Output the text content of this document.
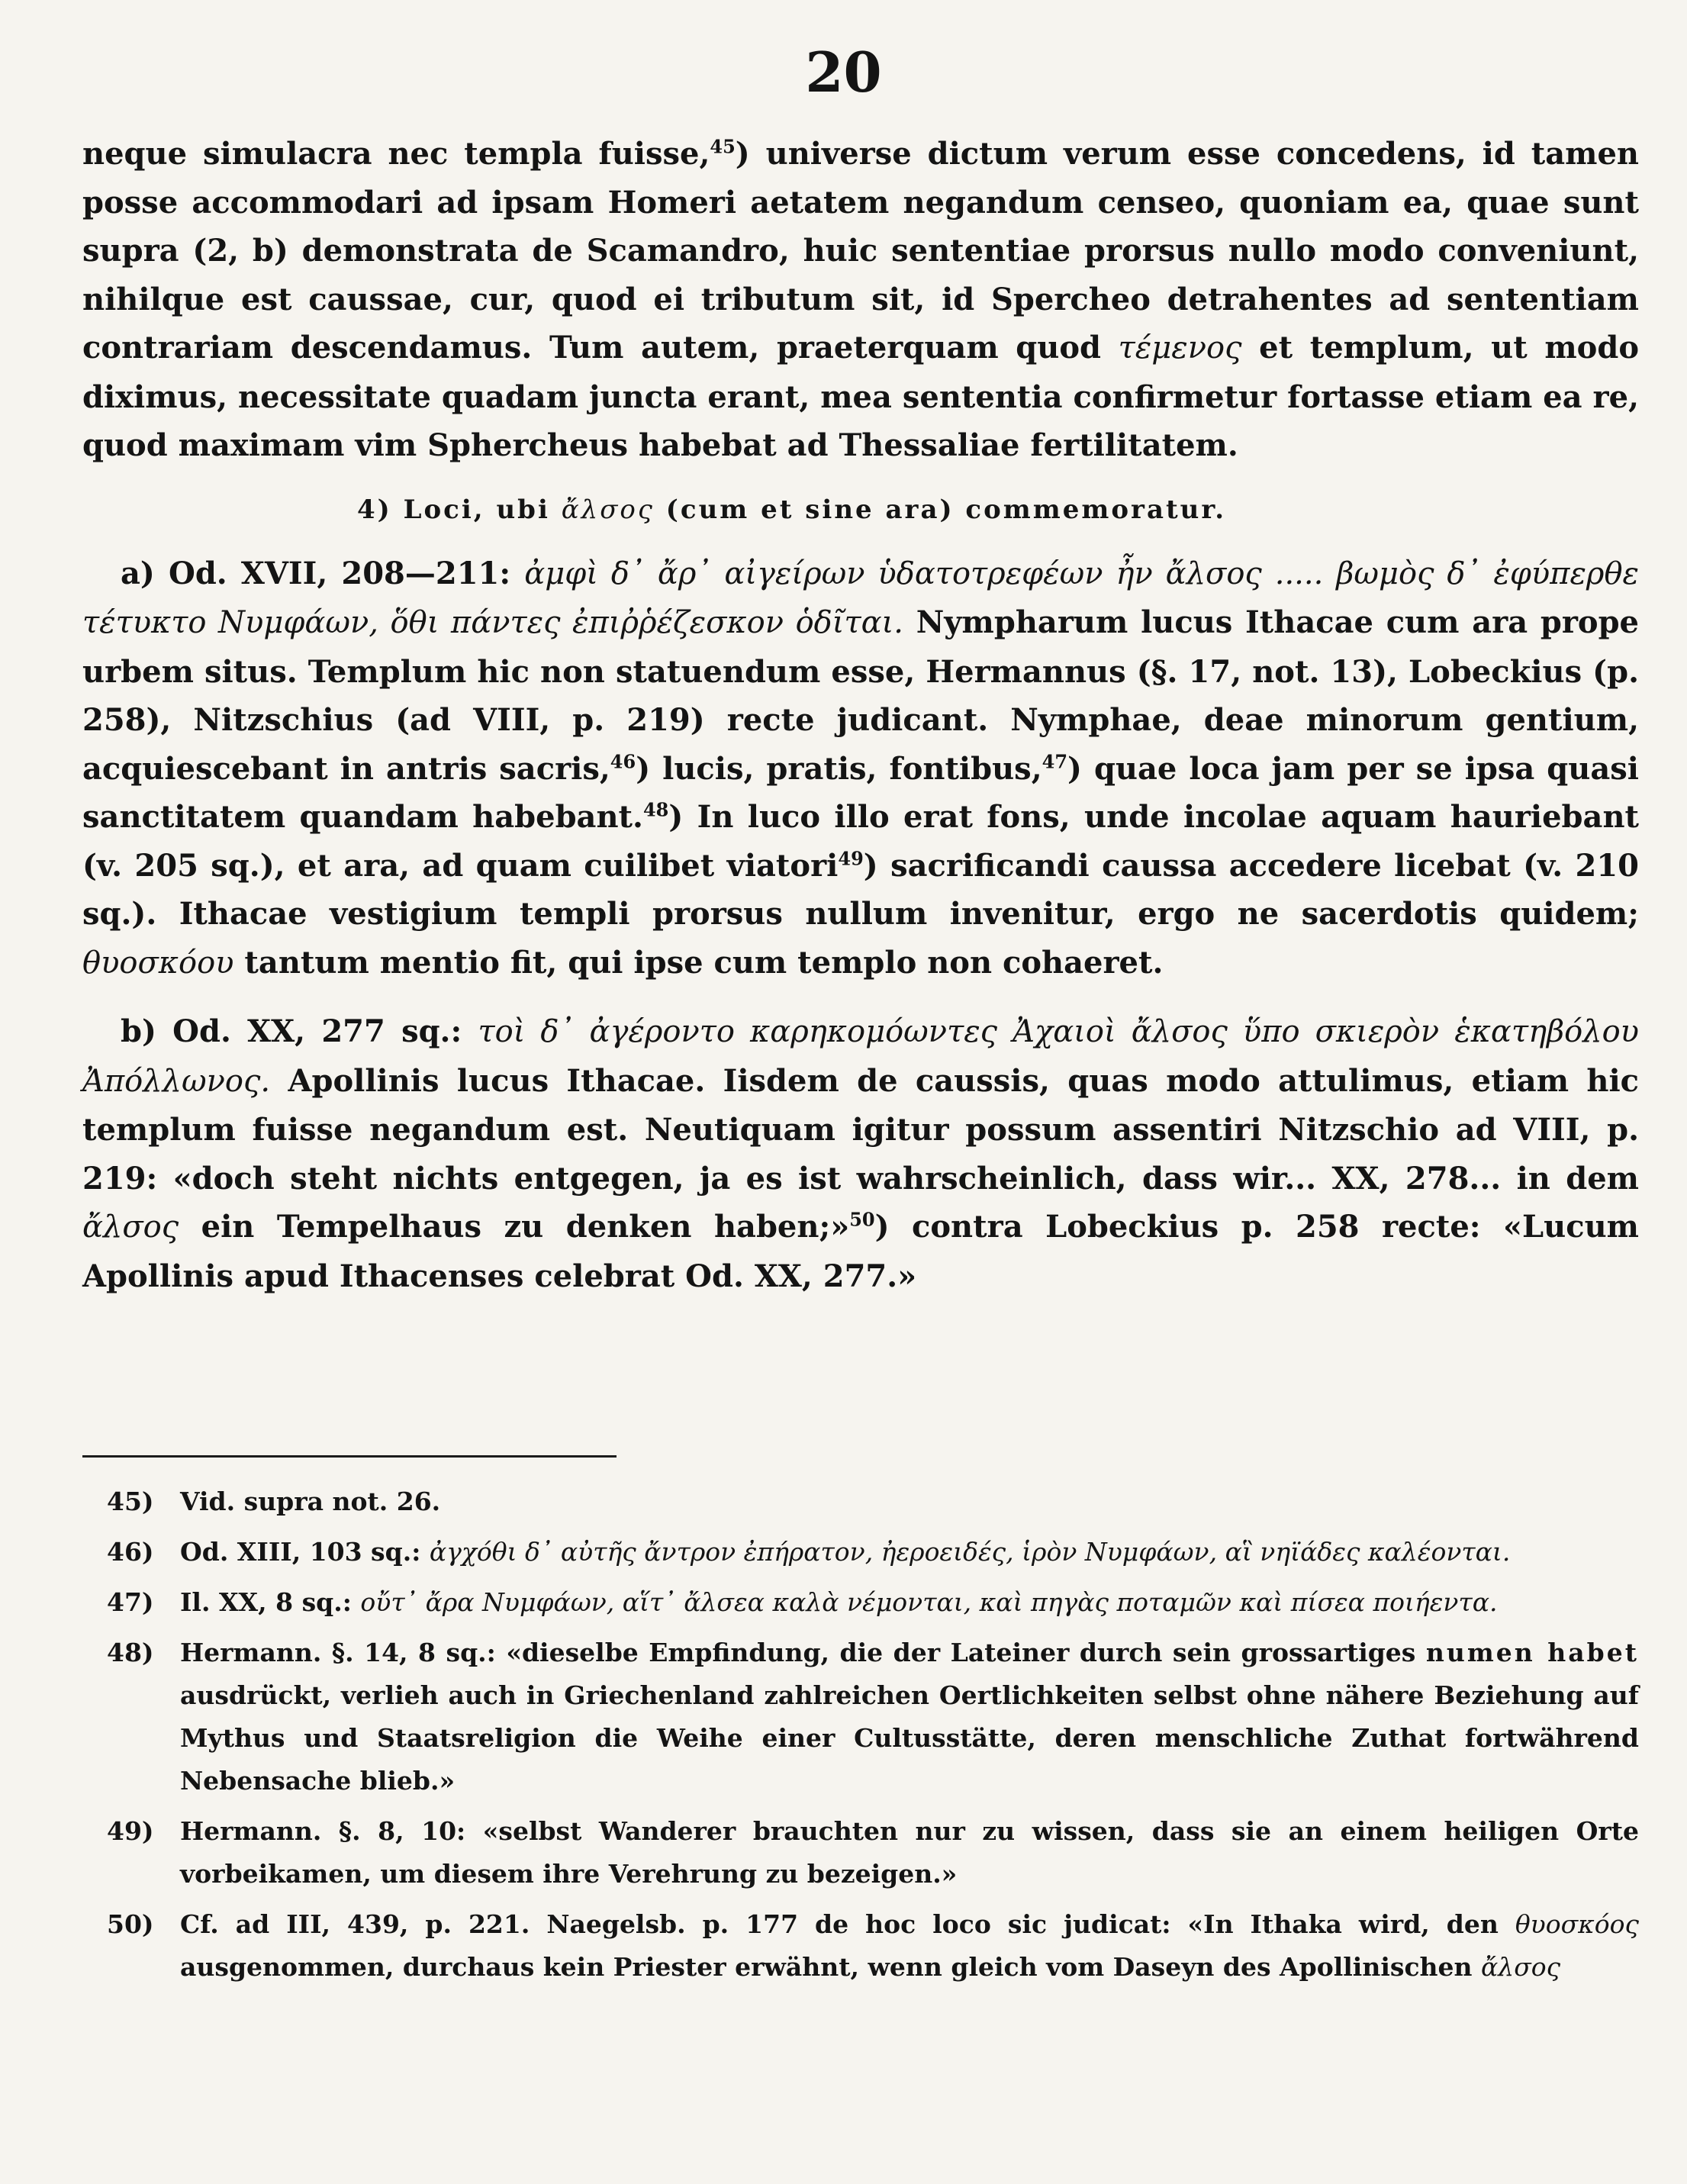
20

neque simulacra nec templa fuisse,$^{45}$) universe dictum verum esse concedens, id tamen posse accommodari ad ipsam Homeri aetatem negandum censeo, quoniam ea, quae sunt supra (2, b) demonstrata de Scamandro, huic sententiae prorsus nullo modo conveniunt, nihilque est caussae, cur, quod ei tributum sit, id Spercheo detrahentes ad sententiam contrariam descendamus. Tum autem, praeterquam quod τέμενος et templum, ut modo diximus, necessitate quadam juncta erant, mea sententia confirmetur fortasse etiam ea re, quod maximam vim Sphercheus habebat ad Thessaliae fertilitatem.

4) Loci, ubi ἄλσος (cum et sine ara) commemoratur.

a) Od. XVII, 208—211: ἀμφὶ δ᾽ ἄρ᾽ αἰγείρων ὑδατοτρεφέων ἦν ἄλσος ..... βωμὸς δ᾽ ἐφύπερθε τέτυκτο Νυμφάων, ὅθι πάντες ἐπιῤῥέζεσκον ὁδῖται. Nympharum lucus Ithacae cum ara prope urbem situs. Templum hic non statuendum esse, Hermannus (§. 17, not. 13), Lobeckius (p. 258), Nitzschius (ad VIII, p. 219) recte judicant. Nymphae, deae minorum gentium, acquiescebant in antris sacris,$^{46}$) lucis, pratis, fontibus,$^{47}$) quae loca jam per se ipsa quasi sanctitatem quandam habebant.$^{48}$) In luco illo erat fons, unde incolae aquam hauriebant (v. 205 sq.), et ara, ad quam cuilibet viatori$^{49}$) sacrificandi caussa accedere licebat (v. 210 sq.). Ithacae vestigium templi prorsus nullum invenitur, ergo ne sacerdotis quidem; θυοσκόου tantum mentio fit, qui ipse cum templo non cohaeret.

b) Od. XX, 277 sq.: τοὶ δ᾽ ἀγέροντο καρηκομόωντες Ἀχαιοὶ ἄλσος ὕπο σκιερὸν ἑκατηβόλου Ἀπόλλωνος. Apollinis lucus Ithacae. Iisdem de caussis, quas modo attulimus, etiam hic templum fuisse negandum est. Neutiquam igitur possum assentiri Nitzschio ad VIII, p. 219: «doch steht nichts entgegen, ja es ist wahrscheinlich, dass wir... XX, 278... in dem ἄλσος ein Tempelhaus zu denken haben;»$^{50}$) contra Lobeckius p. 258 recte: «Lucum Apollinis apud Ithacenses celebrat Od. XX, 277.»

45) Vid. supra not. 26.
46) Od. XIII, 103 sq.: ἀγχόθι δ᾽ αὐτῆς ἄντρον ἐπήρατον, ἠεροειδές, ἱρὸν Νυμφάων, αἳ νηϊάδες καλέονται.
47) Il. XX, 8 sq.: οὔτ᾽ ἄρα Νυμφάων, αἵτ᾽ ἄλσεα καλὰ νέμονται, καὶ πηγὰς ποταμῶν καὶ πίσεα ποιήεντα.
48) Hermann. §. 14, 8 sq.: «dieselbe Empfindung, die der Lateiner durch sein grossartiges numen habet ausdrückt, verlieh auch in Griechenland zahlreichen Oertlichkeiten selbst ohne nähere Beziehung auf Mythus und Staatsreligion die Weihe einer Cultusstätte, deren menschliche Zuthat fortwährend Nebensache blieb.»
49) Hermann. §. 8, 10: «selbst Wanderer brauchten nur zu wissen, dass sie an einem heiligen Orte vorbeikamen, um diesem ihre Verehrung zu bezeigen.»
50) Cf. ad III, 439, p. 221. Naegelsb. p. 177 de hoc loco sic judicat: «In Ithaka wird, den θυοσκόος ausgenommen, durchaus kein Priester erwähnt, wenn gleich vom Daseyn des Apollinischen ἄλσος
